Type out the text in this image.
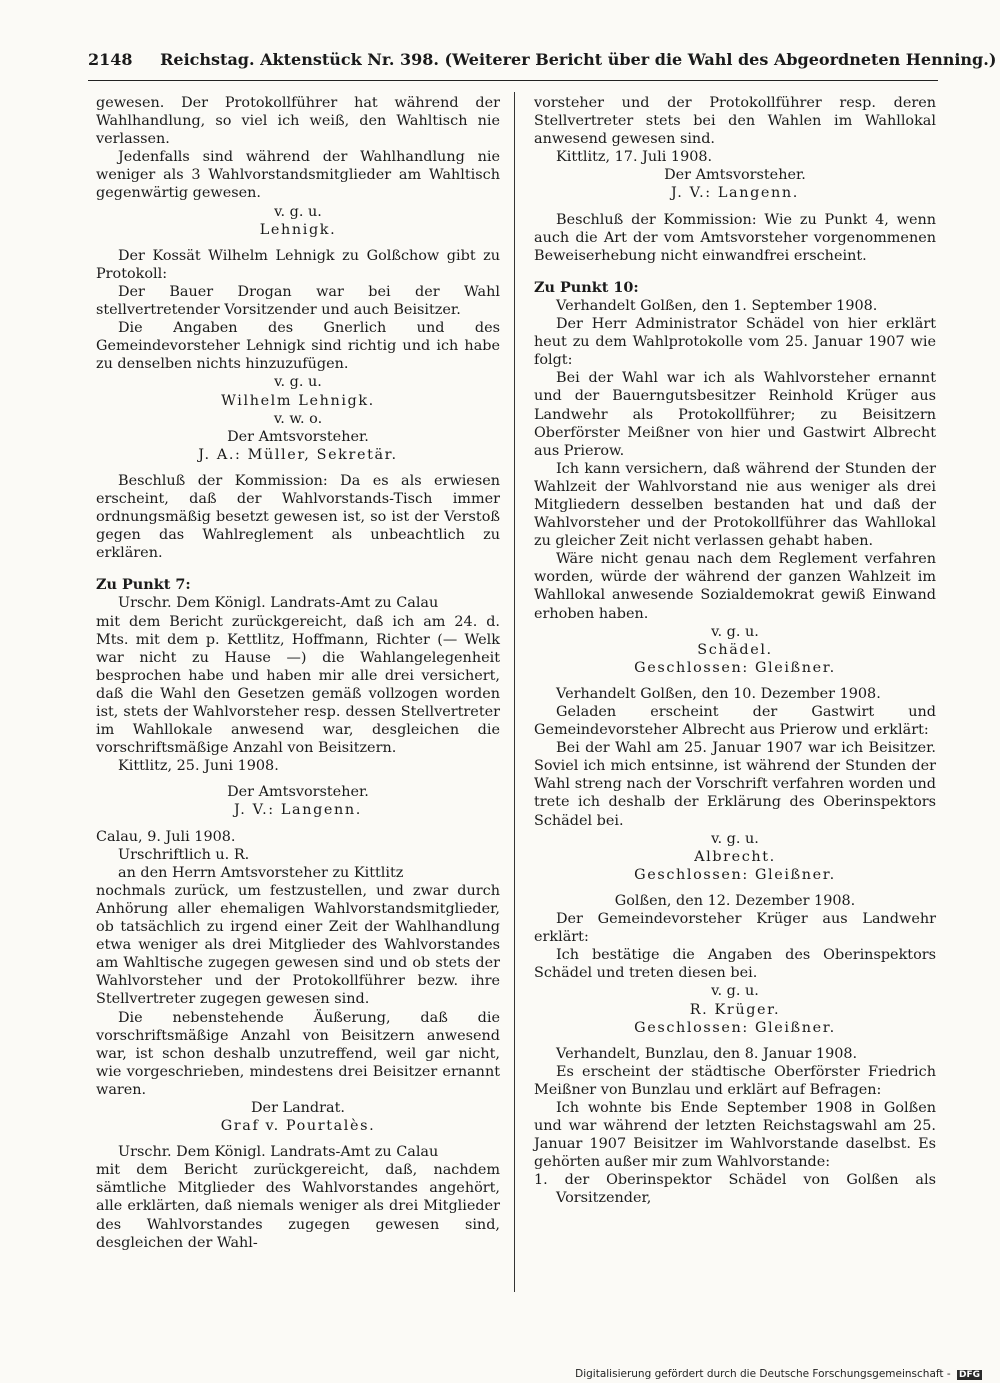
2148 Reichstag. Aktenstück Nr. 398. (Weiterer Bericht über die Wahl des Abgeordneten Henning.)

gewesen. Der Protokollführer hat während der Wahlhandlung, so viel ich weiß, den Wahltisch nie verlassen.

Jedenfalls sind während der Wahlhandlung nie weniger als 3 Wahlvorstandsmitglieder am Wahltisch gegenwärtig gewesen.

v. g. u.

Lehnigk.

Der Kossät Wilhelm Lehnigk zu Golßchow gibt zu Protokoll:

Der Bauer Drogan war bei der Wahl stellvertretender Vorsitzender und auch Beisitzer.

Die Angaben des Gnerlich und des Gemeindevorsteher Lehnigk sind richtig und ich habe zu denselben nichts hinzuzufügen.

v. g. u.

Wilhelm Lehnigk.

v. w. o.

Der Amtsvorsteher.

J. A.: Müller, Sekretär.

Beschluß der Kommission: Da es als erwiesen erscheint, daß der Wahlvorstands-Tisch immer ordnungsmäßig besetzt gewesen ist, so ist der Verstoß gegen das Wahlreglement als unbeachtlich zu erklären.

Zu Punkt 7:

Urschr. Dem Königl. Landrats-Amt zu Calau

mit dem Bericht zurückgereicht, daß ich am 24. d. Mts. mit dem p. Kettlitz, Hoffmann, Richter (— Welk war nicht zu Hause —) die Wahlangelegenheit besprochen habe und haben mir alle drei versichert, daß die Wahl den Gesetzen gemäß vollzogen worden ist, stets der Wahlvorsteher resp. dessen Stellvertreter im Wahllokale anwesend war, desgleichen die vorschriftsmäßige Anzahl von Beisitzern.

Kittlitz, 25. Juni 1908.

Der Amtsvorsteher.

J. V.: Langenn.

Calau, 9. Juli 1908.

Urschriftlich u. R.

an den Herrn Amtsvorsteher zu Kittlitz

nochmals zurück, um festzustellen, und zwar durch Anhörung aller ehemaligen Wahlvorstandsmitglieder, ob tatsächlich zu irgend einer Zeit der Wahlhandlung etwa weniger als drei Mitglieder des Wahlvorstandes am Wahltische zugegen gewesen sind und ob stets der Wahlvorsteher und der Protokollführer bezw. ihre Stellvertreter zugegen gewesen sind.

Die nebenstehende Äußerung, daß die vorschriftsmäßige Anzahl von Beisitzern anwesend war, ist schon deshalb unzutreffend, weil gar nicht, wie vorgeschrieben, mindestens drei Beisitzer ernannt waren.

Der Landrat.

Graf v. Pourtalès.

Urschr. Dem Königl. Landrats-Amt zu Calau

mit dem Bericht zurückgereicht, daß, nachdem sämtliche Mitglieder des Wahlvorstandes angehört, alle erklärten, daß niemals weniger als drei Mitglieder des Wahlvorstandes zugegen gewesen sind, desgleichen der Wahl-

vorsteher und der Protokollführer resp. deren Stellvertreter stets bei den Wahlen im Wahllokal anwesend gewesen sind.

Kittlitz, 17. Juli 1908.

Der Amtsvorsteher.

J. V.: Langenn.

Beschluß der Kommission: Wie zu Punkt 4, wenn auch die Art der vom Amtsvorsteher vorgenommenen Beweiserhebung nicht einwandfrei erscheint.

Zu Punkt 10:

Verhandelt Golßen, den 1. September 1908.

Der Herr Administrator Schädel von hier erklärt heut zu dem Wahlprotokolle vom 25. Januar 1907 wie folgt:

Bei der Wahl war ich als Wahlvorsteher ernannt und der Bauerngutsbesitzer Reinhold Krüger aus Landwehr als Protokollführer; zu Beisitzern Oberförster Meißner von hier und Gastwirt Albrecht aus Prierow.

Ich kann versichern, daß während der Stunden der Wahlzeit der Wahlvorstand nie aus weniger als drei Mitgliedern desselben bestanden hat und daß der Wahlvorsteher und der Protokollführer das Wahllokal zu gleicher Zeit nicht verlassen gehabt haben.

Wäre nicht genau nach dem Reglement verfahren worden, würde der während der ganzen Wahlzeit im Wahllokal anwesende Sozialdemokrat gewiß Einwand erhoben haben.

v. g. u.

Schädel.

Geschlossen: Gleißner.

Verhandelt Golßen, den 10. Dezember 1908.

Geladen erscheint der Gastwirt und Gemeindevorsteher Albrecht aus Prierow und erklärt:

Bei der Wahl am 25. Januar 1907 war ich Beisitzer. Soviel ich mich entsinne, ist während der Stunden der Wahl streng nach der Vorschrift verfahren worden und trete ich deshalb der Erklärung des Oberinspektors Schädel bei.

v. g. u.

Albrecht.

Geschlossen: Gleißner.

Golßen, den 12. Dezember 1908.

Der Gemeindevorsteher Krüger aus Landwehr erklärt:

Ich bestätige die Angaben des Oberinspektors Schädel und treten diesen bei.

v. g. u.

R. Krüger.

Geschlossen: Gleißner.

Verhandelt, Bunzlau, den 8. Januar 1908.

Es erscheint der städtische Oberförster Friedrich Meißner von Bunzlau und erklärt auf Befragen:

Ich wohnte bis Ende September 1908 in Golßen und war während der letzten Reichstagswahl am 25. Januar 1907 Beisitzer im Wahlvorstande daselbst. Es gehörten außer mir zum Wahlvorstande:

1. der Oberinspektor Schädel von Golßen als Vorsitzender,

Digitalisierung gefördert durch die Deutsche Forschungsgemeinschaft - DFG
